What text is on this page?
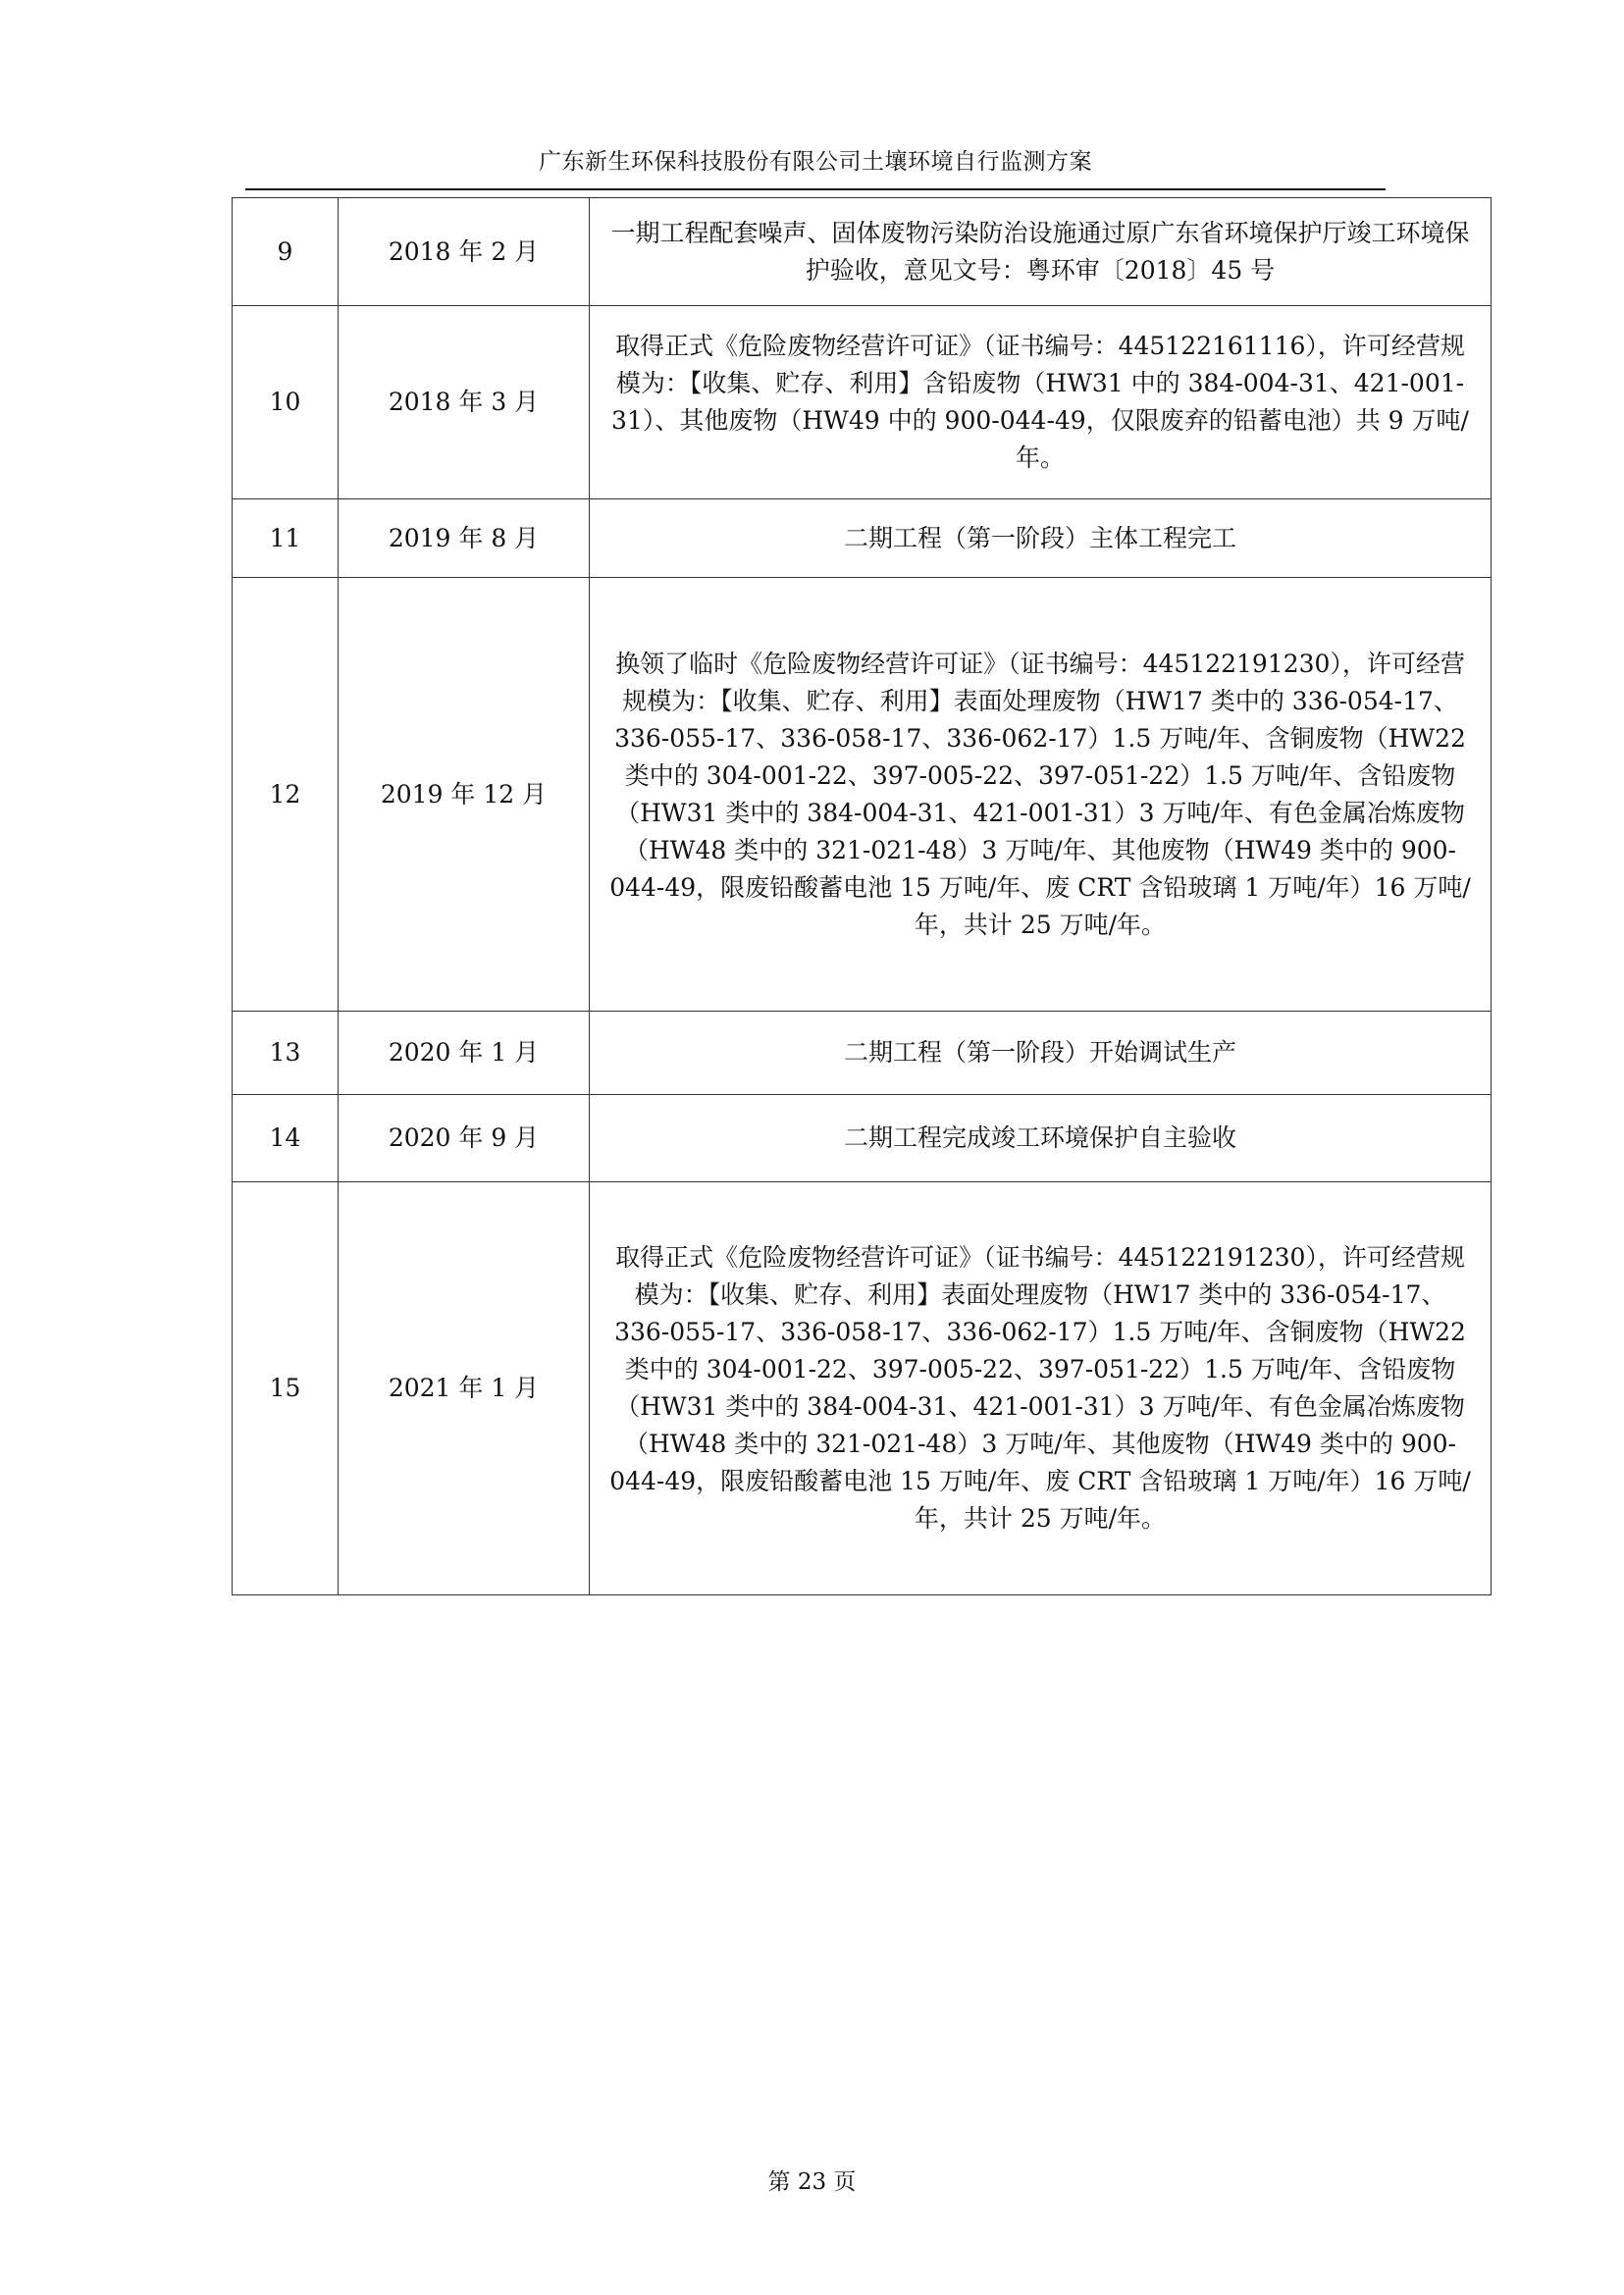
广东新生环保科技股份有限公司土壤环境自行监测方案
9	2018 年 2 月	一期工程配套噪声、固体废物污染防治设施通过原广东省环境保护厅竣工环境保护验收，意见文号：粤环审〔2018〕45 号

10	2018 年 3 月	取得正式《危险废物经营许可证》（证书编号：445122161116），许可经营规模为：【收集、贮存、利用】含铅废物（HW31 中的 384-004-31、421-001-31）、其他废物（HW49 中的 900-044-49，仅限废弃的铅蓄电池）共 9 万吨/年。

11	2019 年 8 月	二期工程（第一阶段）主体工程完工

12	2019 年 12 月	换领了临时《危险废物经营许可证》（证书编号：445122191230），许可经营规模为：【收集、贮存、利用】表面处理废物（HW17 类中的 336-054-17、336-055-17、336-058-17、336-062-17）1.5 万吨/年、含铜废物（HW22 类中的 304-001-22、397-005-22、397-051-22）1.5 万吨/年、含铅废物（HW31 类中的 384-004-31、421-001-31）3 万吨/年、有色金属冶炼废物（HW48 类中的 321-021-48）3 万吨/年、其他废物（HW49 类中的 900-044-49，限废铅酸蓄电池 15 万吨/年、废 CRT 含铅玻璃 1 万吨/年）16 万吨/年，共计 25 万吨/年。

13	2020 年 1 月	二期工程（第一阶段）开始调试生产

14	2020 年 9 月	二期工程完成竣工环境保护自主验收

15	2021 年 1 月	取得正式《危险废物经营许可证》（证书编号：445122191230），许可经营规模为：【收集、贮存、利用】表面处理废物（HW17 类中的 336-054-17、336-055-17、336-058-17、336-062-17）1.5 万吨/年、含铜废物（HW22 类中的 304-001-22、397-005-22、397-051-22）1.5 万吨/年、含铅废物（HW31 类中的 384-004-31、421-001-31）3 万吨/年、有色金属冶炼废物（HW48 类中的 321-021-48）3 万吨/年、其他废物（HW49 类中的 900-044-49，限废铅酸蓄电池 15 万吨/年、废 CRT 含铅玻璃 1 万吨/年）16 万吨/年，共计 25 万吨/年。
第 23 页
